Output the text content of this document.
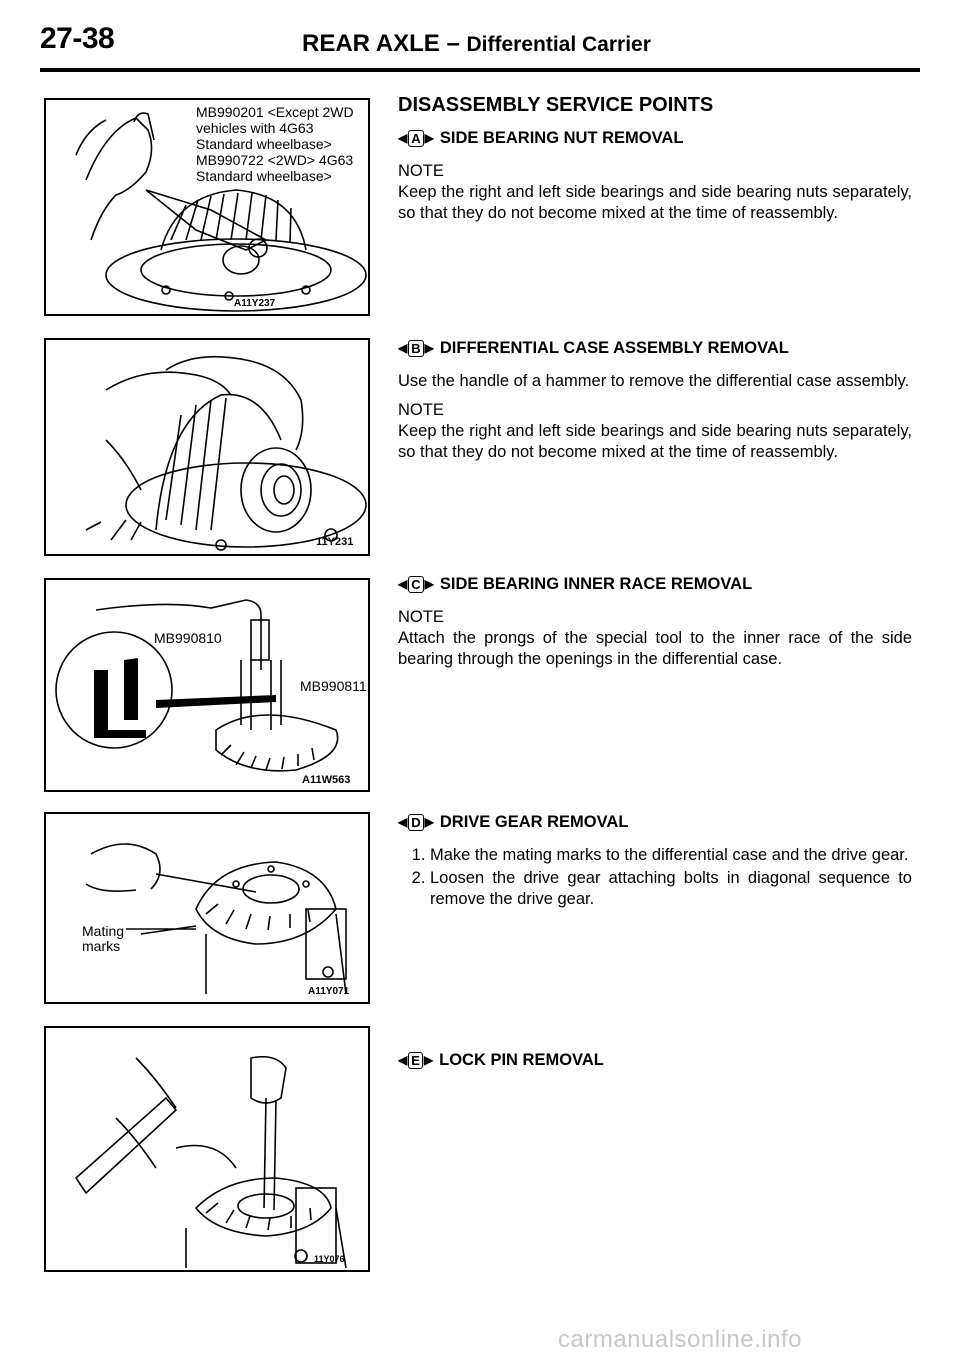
27-38	REAR AXLE – Differential Carrier
MB990201 <Except 2WD vehicles with 4G63 Standard wheelbase> MB990722 <2WD> 4G63 Standard wheelbase>
A11Y237
11Y231
MB990810
MB990811
A11W563
Mating
marks
A11Y071
11Y076
DISASSEMBLY SERVICE POINTS
◀ A ▶ SIDE BEARING NUT REMOVAL

NOTE

Keep the right and left side bearings and side bearing nuts separately, so that they do not become mixed at the time of reassembly.

◀ B ▶ DIFFERENTIAL CASE ASSEMBLY REMOVAL

Use the handle of a hammer to remove the differential case assembly.

NOTE

Keep the right and left side bearings and side bearing nuts separately, so that they do not become mixed at the time of reassembly.

◀ C ▶ SIDE BEARING INNER RACE REMOVAL

NOTE

Attach the prongs of the special tool to the inner race of the side bearing through the openings in the differential case.

◀ D ▶ DRIVE GEAR REMOVAL
1. Make the mating marks to the differential case and the drive gear.
2. Loosen the drive gear attaching bolts in diagonal sequence to remove the drive gear.
◀ E ▶ LOCK PIN REMOVAL
carmanualsonline.info
